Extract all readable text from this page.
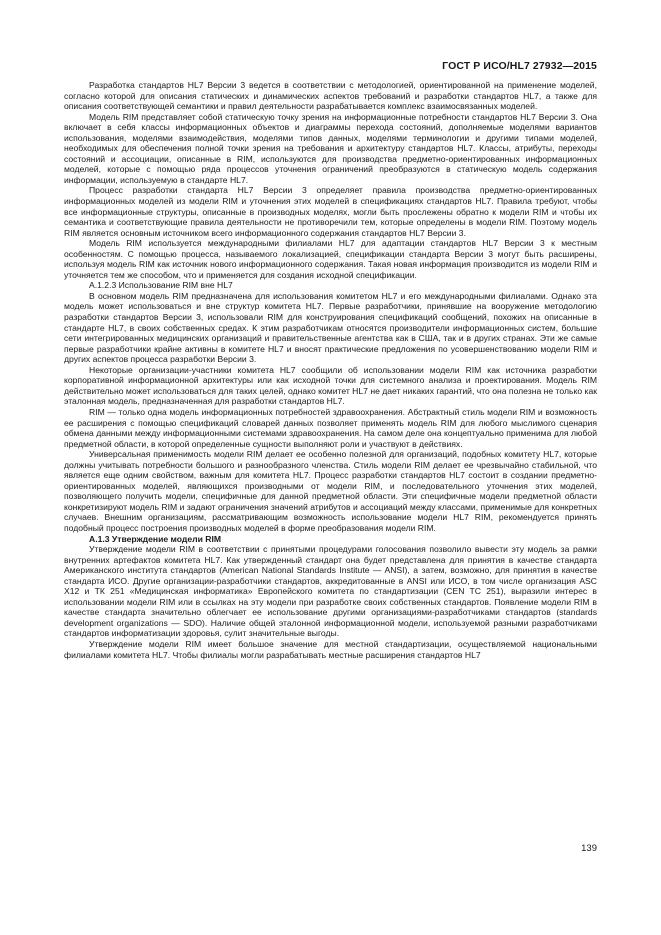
ГОСТ Р ИСО/HL7 27932—2015

Разработка стандартов HL7 Версии 3 ведется в соответствии с методологией, ориентированной на применение моделей, согласно которой для описания статических и динамических аспектов требований и разработки стандартов HL7, а также для описания соответствующей семантики и правил деятельности разрабатывается комплекс взаимосвязанных моделей.

Модель RIM представляет собой статическую точку зрения на информационные потребности стандартов HL7 Версии 3. Она включает в себя классы информационных объектов и диаграммы перехода состояний, дополняемые моделями вариантов использования, моделями взаимодействия, моделями типов данных, моделями терминологии и другими типами моделей, необходимых для обеспечения полной точки зрения на требования и архитектуру стандартов HL7. Классы, атрибуты, переходы состояний и ассоциации, описанные в RIM, используются для производства предметно-ориентированных информационных моделей, которые с помощью ряда процессов уточнения ограничений преобразуются в статическую модель содержания информации, используемую в стандарте HL7.

Процесс разработки стандарта HL7 Версии 3 определяет правила производства предметно-ориентированных информационных моделей из модели RIM и уточнения этих моделей в спецификациях стандартов HL7. Правила требуют, чтобы все информационные структуры, описанные в производных моделях, могли быть прослежены обратно к модели RIM и чтобы их семантика и соответствующие правила деятельности не противоречили тем, которые определены в модели RIM. Поэтому модель RIM является основным источником всего информационного содержания стандартов HL7 Версии 3.

Модель RIM используется международными филиалами HL7 для адаптации стандартов HL7 Версии 3 к местным особенностям. С помощью процесса, называемого локализацией, спецификации стандарта Версии 3 могут быть расширены, используя модель RIM как источник нового информационного содержания. Такая новая информация производится из модели RIM и уточняется тем же способом, что и применяется для создания исходной спецификации.

А.1.2.3 Использование RIM вне HL7

В основном модель RIM предназначена для использования комитетом HL7 и его международными филиалами. Однако эта модель может использоваться и вне структур комитета HL7. Первые разработчики, принявшие на вооружение методологию разработки стандартов Версии 3, использовали RIM для конструирования спецификаций сообщений, похожих на описанные в стандарте HL7, в своих собственных средах. К этим разработчикам относятся производители информационных систем, большие сети интегрированных медицинских организаций и правительственные агентства как в США, так и в других странах. Эти же самые первые разработчики крайне активны в комитете HL7 и вносят практические предложения по усовершенствованию модели RIM и других аспектов процесса разработки Версии 3.

Некоторые организации-участники комитета HL7 сообщили об использовании модели RIM как источника разработки корпоративной информационной архитектуры или как исходной точки для системного анализа и проектирования. Модель RIM действительно может использоваться для таких целей, однако комитет HL7 не дает никаких гарантий, что она полезна не только как эталонная модель, предназначенная для разработки стандартов HL7.

RIM — только одна модель информационных потребностей здравоохранения. Абстрактный стиль модели RIM и возможность ее расширения с помощью спецификаций словарей данных позволяет применять модель RIM для любого мыслимого сценария обмена данными между информационными системами здравоохранения. На самом деле она концептуально применима для любой предметной области, в которой определенные сущности выполняют роли и участвуют в действиях.

Универсальная применимость модели RIM делает ее особенно полезной для организаций, подобных комитету HL7, которые должны учитывать потребности большого и разнообразного членства. Стиль модели RIM делает ее чрезвычайно стабильной, что является еще одним свойством, важным для комитета HL7. Процесс разработки стандартов HL7 состоит в создании предметно-ориентированных моделей, являющихся производными от модели RIM, и последовательного уточнения этих моделей, позволяющего получить модели, специфичные для данной предметной области. Эти специфичные модели предметной области конкретизируют модель RIM и задают ограничения значений атрибутов и ассоциаций между классами, применимые для конкретных случаев. Внешним организациям, рассматривающим возможность использование модели HL7 RIM, рекомендуется принять подобный процесс построения производных моделей в форме преобразования модели RIM.

А.1.3 Утверждение модели RIM

Утверждение модели RIM в соответствии с принятыми процедурами голосования позволило вывести эту модель за рамки внутренних артефактов комитета HL7. Как утвержденный стандарт она будет представлена для принятия в качестве стандарта Американского института стандартов (American National Standards Institute — ANSI), а затем, возможно, для принятия в качестве стандарта ИСО. Другие организации-разработчики стандартов, аккредитованные в ANSI или ИСО, в том числе организация ASC X12 и ТК 251 «Медицинская информатика» Европейского комитета по стандартизации (CEN TC 251), выразили интерес в использовании модели RIM или в ссылках на эту модели при разработке своих собственных стандартов. Появление модели RIM в качестве стандарта значительно облегчает ее использование другими организациями-разработчиками стандартов (standards development organizations — SDO). Наличие общей эталонной информационной модели, используемой разными разработчиками стандартов информатизации здоровья, сулит значительные выгоды.

Утверждение модели RIM имеет большое значение для местной стандартизации, осуществляемой национальными филиалами комитета HL7. Чтобы филиалы могли разрабатывать местные расширения стандартов HL7

139
